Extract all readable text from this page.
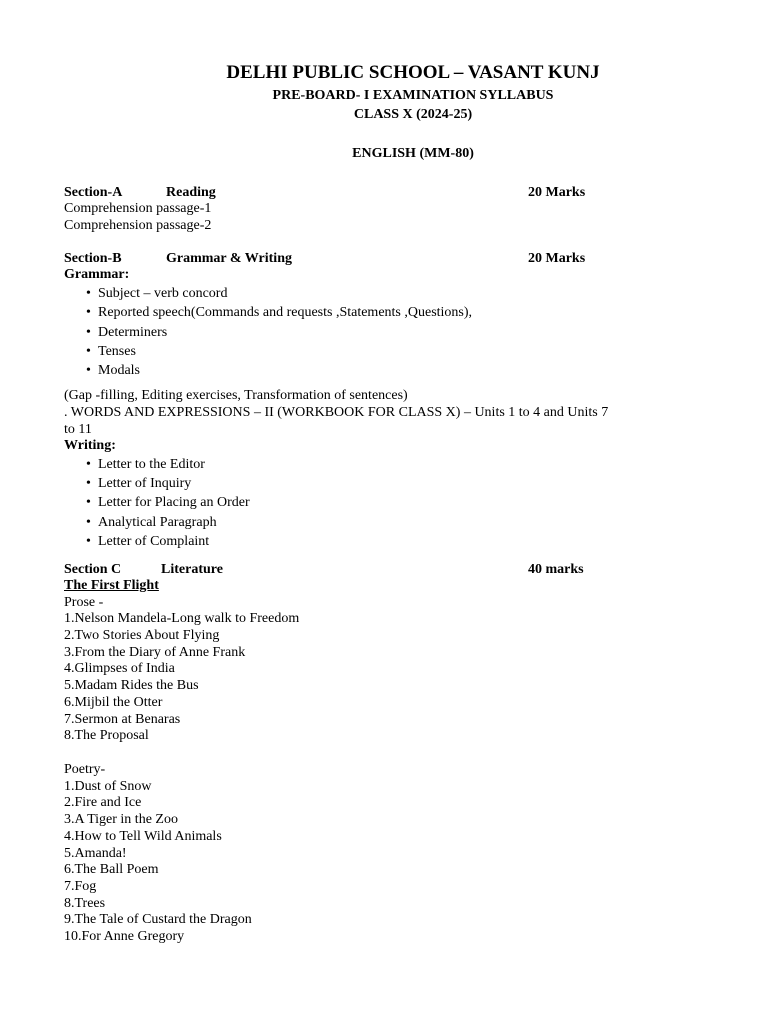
DELHI PUBLIC SCHOOL – VASANT KUNJ
PRE-BOARD- I EXAMINATION SYLLABUS
CLASS X (2024-25)
ENGLISH (MM-80)
Section-A	Reading	20 Marks
Comprehension passage-1
Comprehension passage-2
Section-B	Grammar & Writing	20 Marks
Grammar:
• Subject – verb concord
• Reported speech(Commands and requests ,Statements ,Questions),
• Determiners
• Tenses
• Modals
(Gap -filling, Editing exercises, Transformation of sentences)
. WORDS AND EXPRESSIONS – II (WORKBOOK FOR CLASS X) – Units 1 to 4 and Units 7
to 11
Writing:
• Letter to the Editor
• Letter of Inquiry
• Letter for Placing an Order
• Analytical Paragraph
• Letter of Complaint
Section C	Literature	40 marks
The First Flight
Prose -
1.Nelson Mandela-Long walk to Freedom
2.Two Stories About Flying
3.From the Diary of Anne Frank
4.Glimpses of India
5.Madam Rides the Bus
6.Mijbil the Otter
7.Sermon at Benaras
8.The Proposal
Poetry-
1.Dust of Snow
2.Fire and Ice
3.A Tiger in the Zoo
4.How to Tell Wild Animals
5.Amanda!
6.The Ball Poem
7.Fog
8.Trees
9.The Tale of Custard the Dragon
10.For Anne Gregory
